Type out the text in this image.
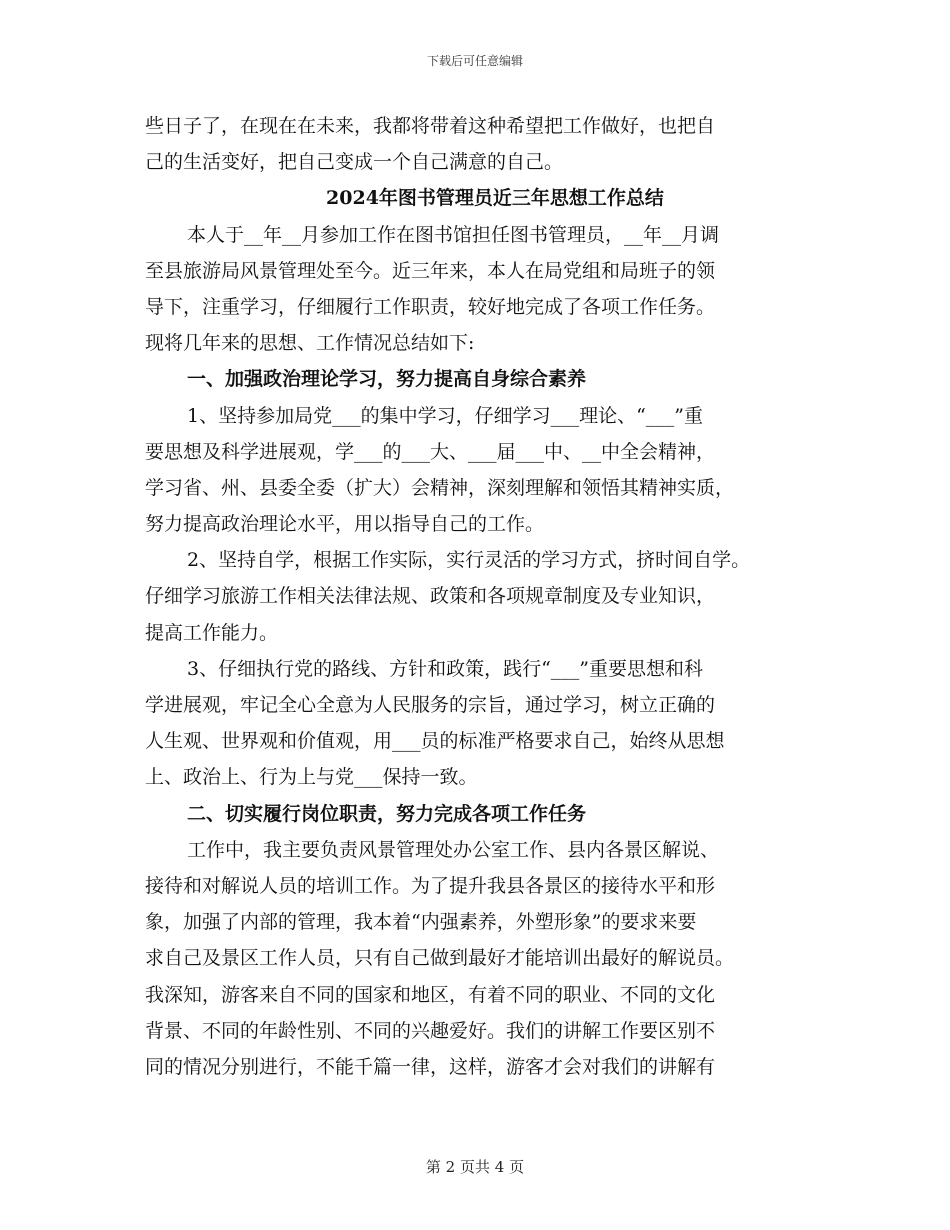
下载后可任意编辑
些日子了，在现在在未来，我都将带着这种希望把工作做好，也把自
己的生活变好，把自己变成一个自己满意的自己。
2024年图书管理员近三年思想工作总结
本人于__年__月参加工作在图书馆担任图书管理员，__年__月调
至县旅游局风景管理处至今。近三年来，本人在局党组和局班子的领
导下，注重学习，仔细履行工作职责，较好地完成了各项工作任务。
现将几年来的思想、工作情况总结如下:
一、加强政治理论学习，努力提高自身综合素养
1、坚持参加局党___的集中学习，仔细学习___理论、“___”重
要思想及科学进展观，学___的___大、___届___中、__中全会精神，
学习省、州、县委全委（扩大）会精神，深刻理解和领悟其精神实质，
努力提高政治理论水平，用以指导自己的工作。
2、坚持自学，根据工作实际，实行灵活的学习方式，挤时间自学。
仔细学习旅游工作相关法律法规、政策和各项规章制度及专业知识，
提高工作能力。
3、仔细执行党的路线、方针和政策，践行“___”重要思想和科
学进展观，牢记全心全意为人民服务的宗旨，通过学习，树立正确的
人生观、世界观和价值观，用___员的标准严格要求自己，始终从思想
上、政治上、行为上与党___保持一致。
二、切实履行岗位职责，努力完成各项工作任务
工作中，我主要负责风景管理处办公室工作、县内各景区解说、
接待和对解说人员的培训工作。为了提升我县各景区的接待水平和形
象，加强了内部的管理，我本着“内强素养，外塑形象”的要求来要
求自己及景区工作人员，只有自己做到最好才能培训出最好的解说员。
我深知，游客来自不同的国家和地区，有着不同的职业、不同的文化
背景、不同的年龄性别、不同的兴趣爱好。我们的讲解工作要区别不
同的情况分别进行，不能千篇一律，这样，游客才会对我们的讲解有
第 2 页共 4 页
